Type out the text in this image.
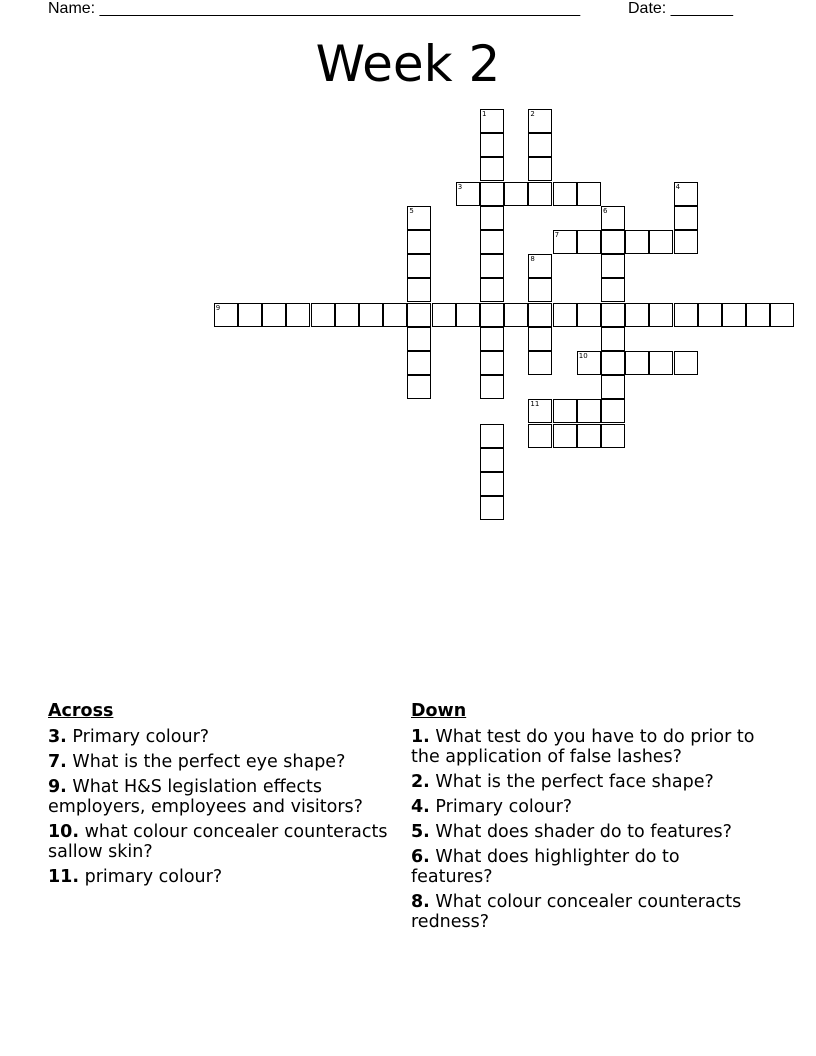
Name: ______________________________________________________	Date: _______
Week 2
11
3
7
10
1	2
4
5	6
8
9
Across
3. Primary colour?
7. What is the perfect eye shape?
9. What H&S legislation effects employers, employees and visitors?
10. what colour concealer counteracts sallow skin?
11. primary colour?
Down
1. What test do you have to do prior to the application of false lashes?
2. What is the perfect face shape?
4. Primary colour?
5. What does shader do to features?
6. What does highlighter do to features?
8. What colour concealer counteracts redness?
